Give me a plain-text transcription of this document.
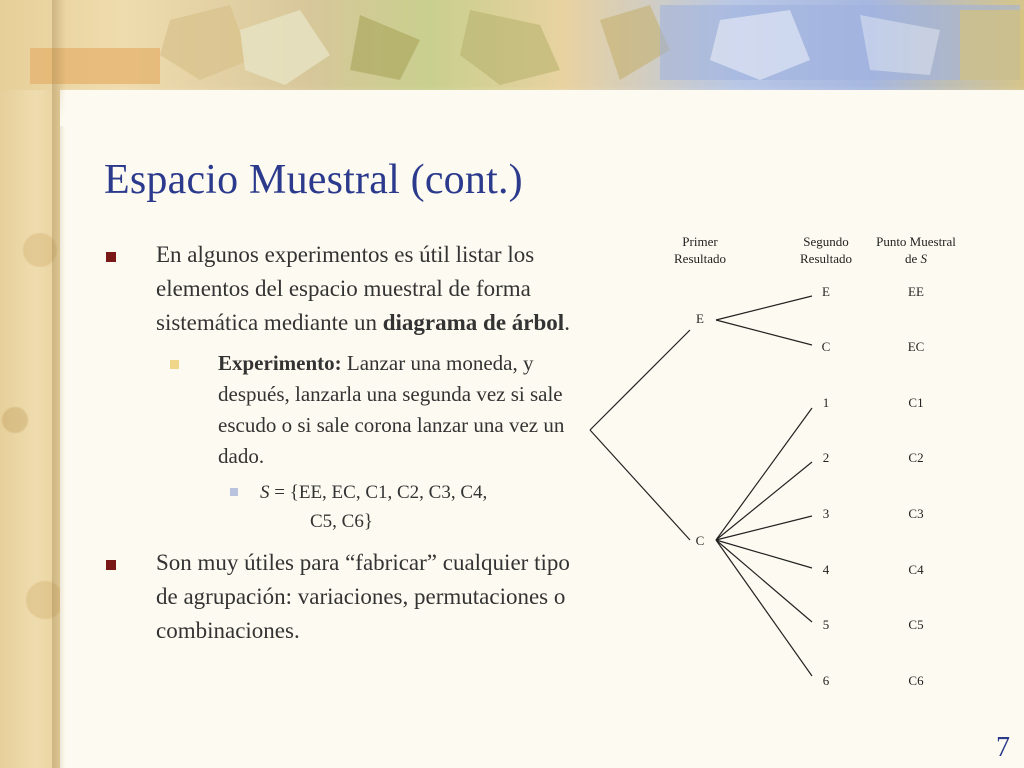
Espacio Muestral (cont.)
En algunos experimentos es útil listar los elementos del espacio muestral de forma sistemática mediante un diagrama de árbol.
Experimento: Lanzar una moneda, y después, lanzarla una segunda vez si sale escudo o si sale corona lanzar una vez un dado.
S = {EE, EC, C1, C2, C3, C4,
C5, C6}
Son muy útiles para “fabricar” cualquier tipo de agrupación: variaciones, permutaciones o combinaciones.
Primer
Resultado
Segundo
Resultado
Punto Muestral
de S
E
C
E
C
1
2
3
4
5
6
EE
EC
C1
C2
C3
C4
C5
C6
7
